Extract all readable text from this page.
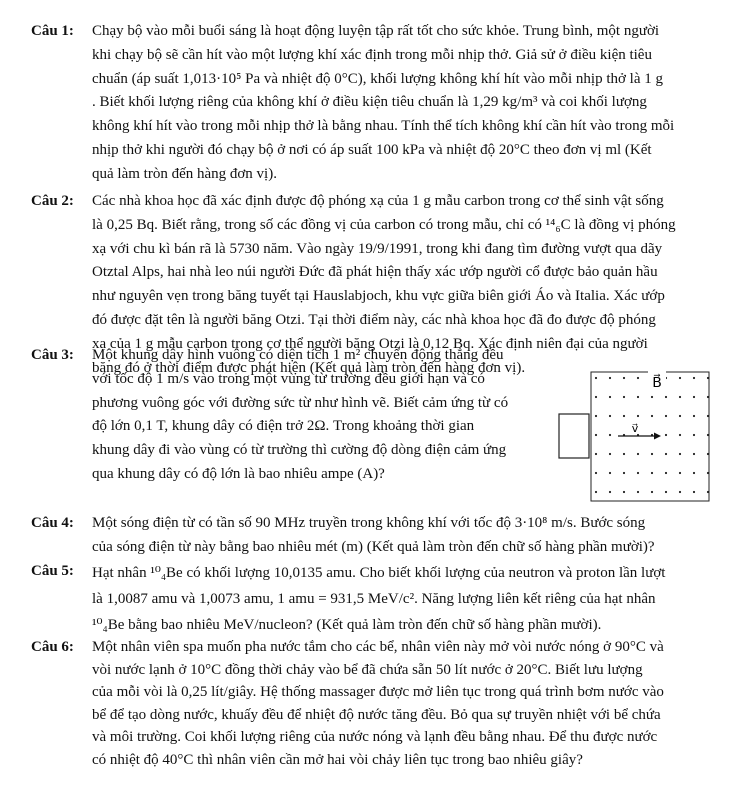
Câu 1: Chạy bộ vào mỗi buổi sáng là hoạt động luyện tập rất tốt cho sức khỏe. Trung bình, một người
khi chạy bộ sẽ cần hít vào một lượng khí xác định trong mỗi nhịp thở. Giả sử ở điều kiện tiêu
chuẩn (áp suất 1,013·10⁵ Pa và nhiệt độ 0°C), khối lượng không khí hít vào mỗi nhịp thở là 1 g
. Biết khối lượng riêng của không khí ở điều kiện tiêu chuẩn là 1,29 kg/m³ và coi khối lượng
không khí hít vào trong mỗi nhịp thở là bằng nhau. Tính thể tích không khí cần hít vào trong mỗi
nhịp thở khi người đó chạy bộ ở nơi có áp suất 100 kPa và nhiệt độ 20°C theo đơn vị ml (Kết
quả làm tròn đến hàng đơn vị).
Câu 2: Các nhà khoa học đã xác định được độ phóng xạ của 1 g mẫu carbon trong cơ thể sinh vật sống
là 0,25 Bq. Biết rằng, trong số các đồng vị của carbon có trong mẫu, chỉ có ¹⁴₆C là đồng vị phóng
xạ với chu kì bán rã là 5730 năm. Vào ngày 19/9/1991, trong khi đang tìm đường vượt qua dãy
Otztal Alps, hai nhà leo núi người Đức đã phát hiện thấy xác ướp người cổ được bảo quản hầu
như nguyên vẹn trong băng tuyết tại Hauslabjoch, khu vực giữa biên giới Áo và Italia. Xác ướp
đó được đặt tên là người băng Otzi. Tại thời điểm này, các nhà khoa học đã đo được độ phóng
xạ của 1 g mẫu carbon trong cơ thể người băng Otzi là 0,12 Bq. Xác định niên đại của người
băng đó ở thời điểm được phát hiện (Kết quả làm tròn đến hàng đơn vị).
Câu 3: Một khung dây hình vuông có diện tích 1 m² chuyển động thẳng đều
với tốc độ 1 m/s vào trong một vùng từ trường đều giới hạn và có
phương vuông góc với đường sức từ như hình vẽ. Biết cảm ứng từ có
độ lớn 0,1 T, khung dây có điện trở 2Ω. Trong khoảng thời gian
khung dây đi vào vùng có từ trường thì cường độ dòng điện cảm ứng
qua khung dây có độ lớn là bao nhiêu ampe (A)?
v⃗
B⃗
Câu 4: Một sóng điện từ có tần số 90 MHz truyền trong không khí với tốc độ 3·10⁸ m/s. Bước sóng
của sóng điện từ này bằng bao nhiêu mét (m) (Kết quả làm tròn đến chữ số hàng phần mười)?
Câu 5: Hạt nhân ¹⁰₄Be có khối lượng 10,0135 amu. Cho biết khối lượng của neutron và proton lần lượt
là 1,0087 amu và 1,0073 amu, 1 amu = 931,5 MeV/c². Năng lượng liên kết riêng của hạt nhân
¹⁰₄Be bằng bao nhiêu MeV/nucleon? (Kết quả làm tròn đến chữ số hàng phần mười).
Câu 6: Một nhân viên spa muốn pha nước tắm cho các bể, nhân viên này mở vòi nước nóng ở 90°C và
vòi nước lạnh ở 10°C đồng thời chảy vào bể đã chứa sẵn 50 lít nước ở 20°C. Biết lưu lượng
của mỗi vòi là 0,25 lít/giây. Hệ thống massager được mở liên tục trong quá trình bơm nước vào
bể để tạo dòng nước, khuấy đều để nhiệt độ nước tăng đều. Bỏ qua sự truyền nhiệt với bể chứa
và môi trường. Coi khối lượng riêng của nước nóng và lạnh đều bằng nhau. Để thu được nước
có nhiệt độ 40°C thì nhân viên cần mở hai vòi chảy liên tục trong bao nhiêu giây?
